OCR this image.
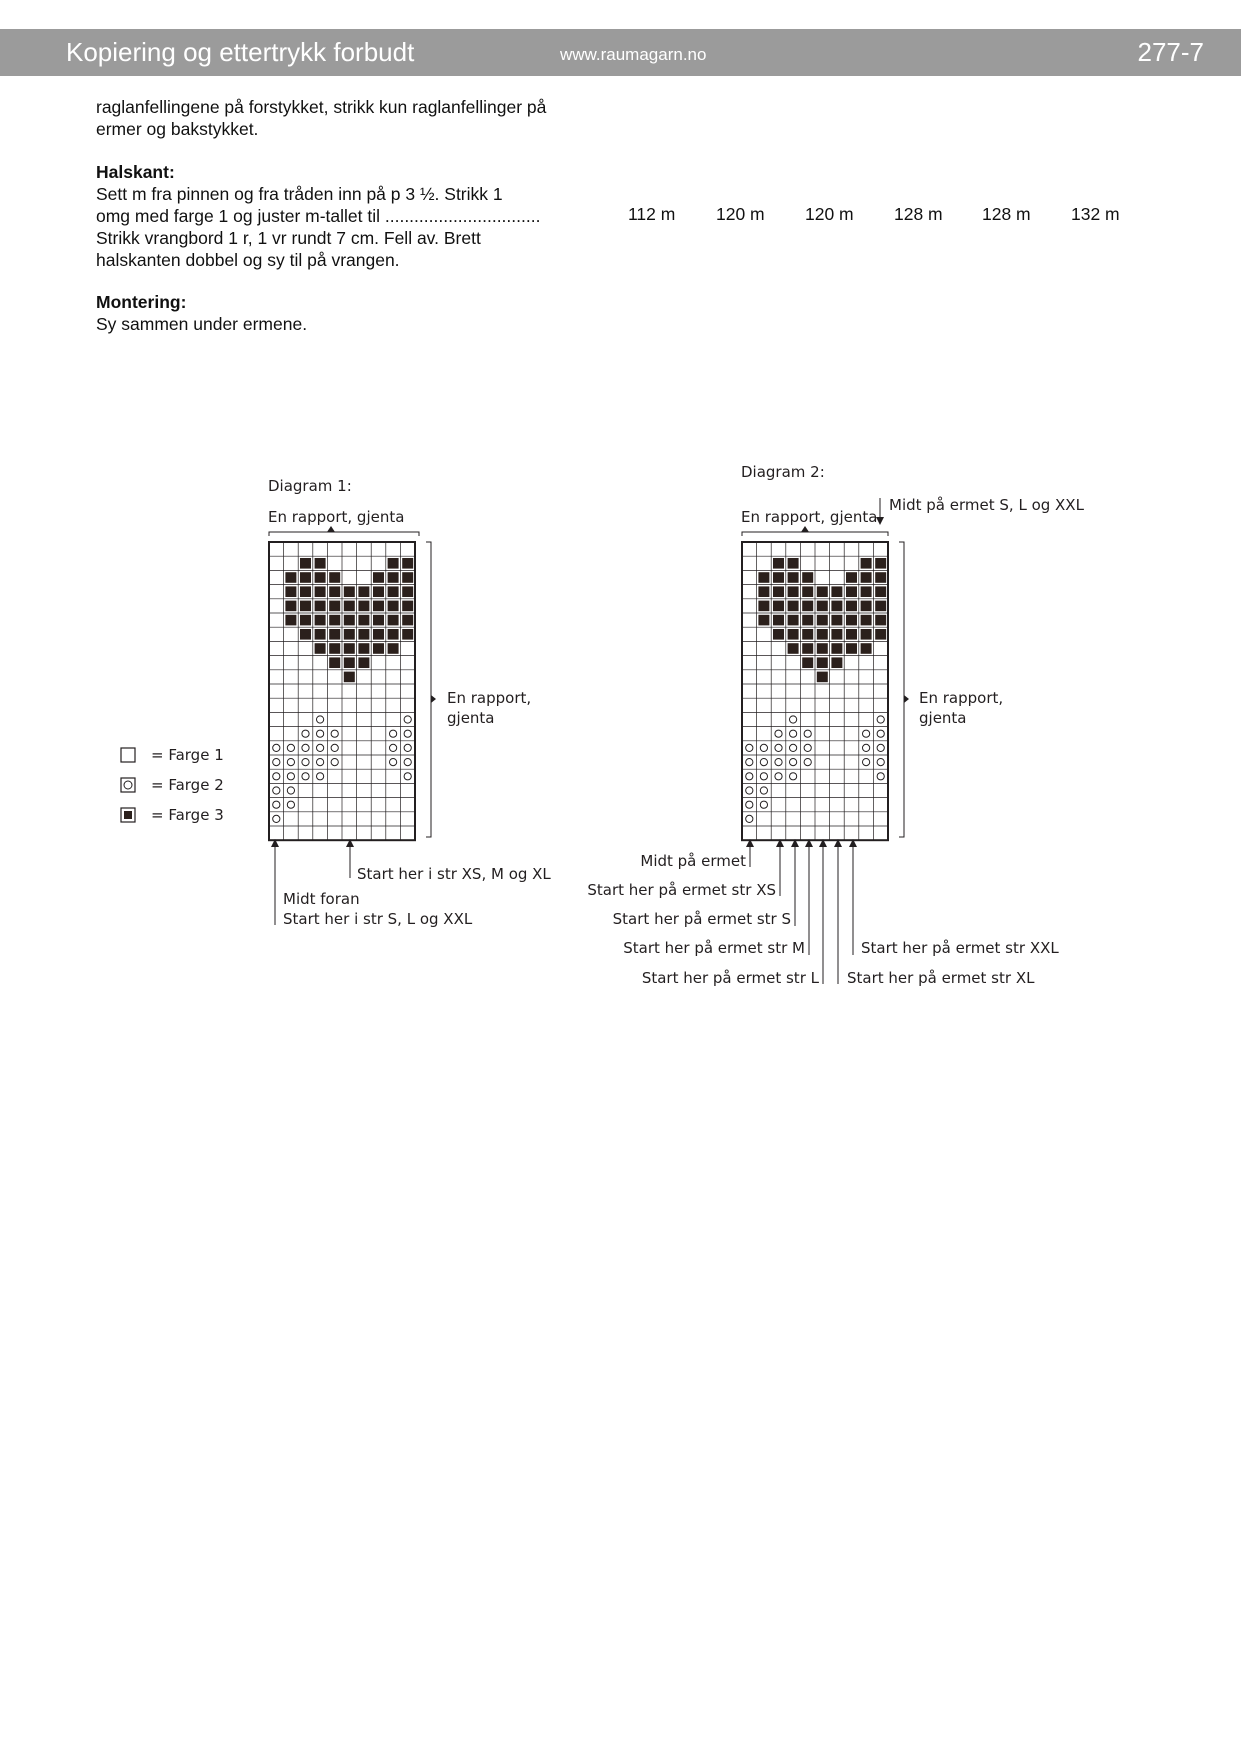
Kopiering og ettertrykk forbudt	www.raumagarn.no	277-7
raglanfellingene på forstykket, strikk kun raglanfellinger på
ermer og bakstykket.
Halskant:
Sett m fra pinnen og fra tråden inn på p 3 ½. Strikk 1
omg med farge 1 og juster m-tallet til ................................
Strikk vrangbord 1 r, 1 vr rundt 7 cm. Fell av. Brett
halskanten dobbel og sy til på vrangen.
112 m 120 m 120 m 128 m 128 m 132 m
Montering:
Sy sammen under ermene.
= Farge 1
= Farge 2
= Farge 3
Diagram 1:
En rapport, gjenta
En rapport,
gjenta
Start her i str XS, M og XL
Midt foran
Start her i str S, L og XXL
Diagram 2:
En rapport, gjenta
Midt på ermet S, L og XXL
En rapport,
gjenta
Midt på ermet
Start her på ermet str XS
Start her på ermet str S
Start her på ermet str M
Start her på ermet str L
Start her på ermet str XXL
Start her på ermet str XL
